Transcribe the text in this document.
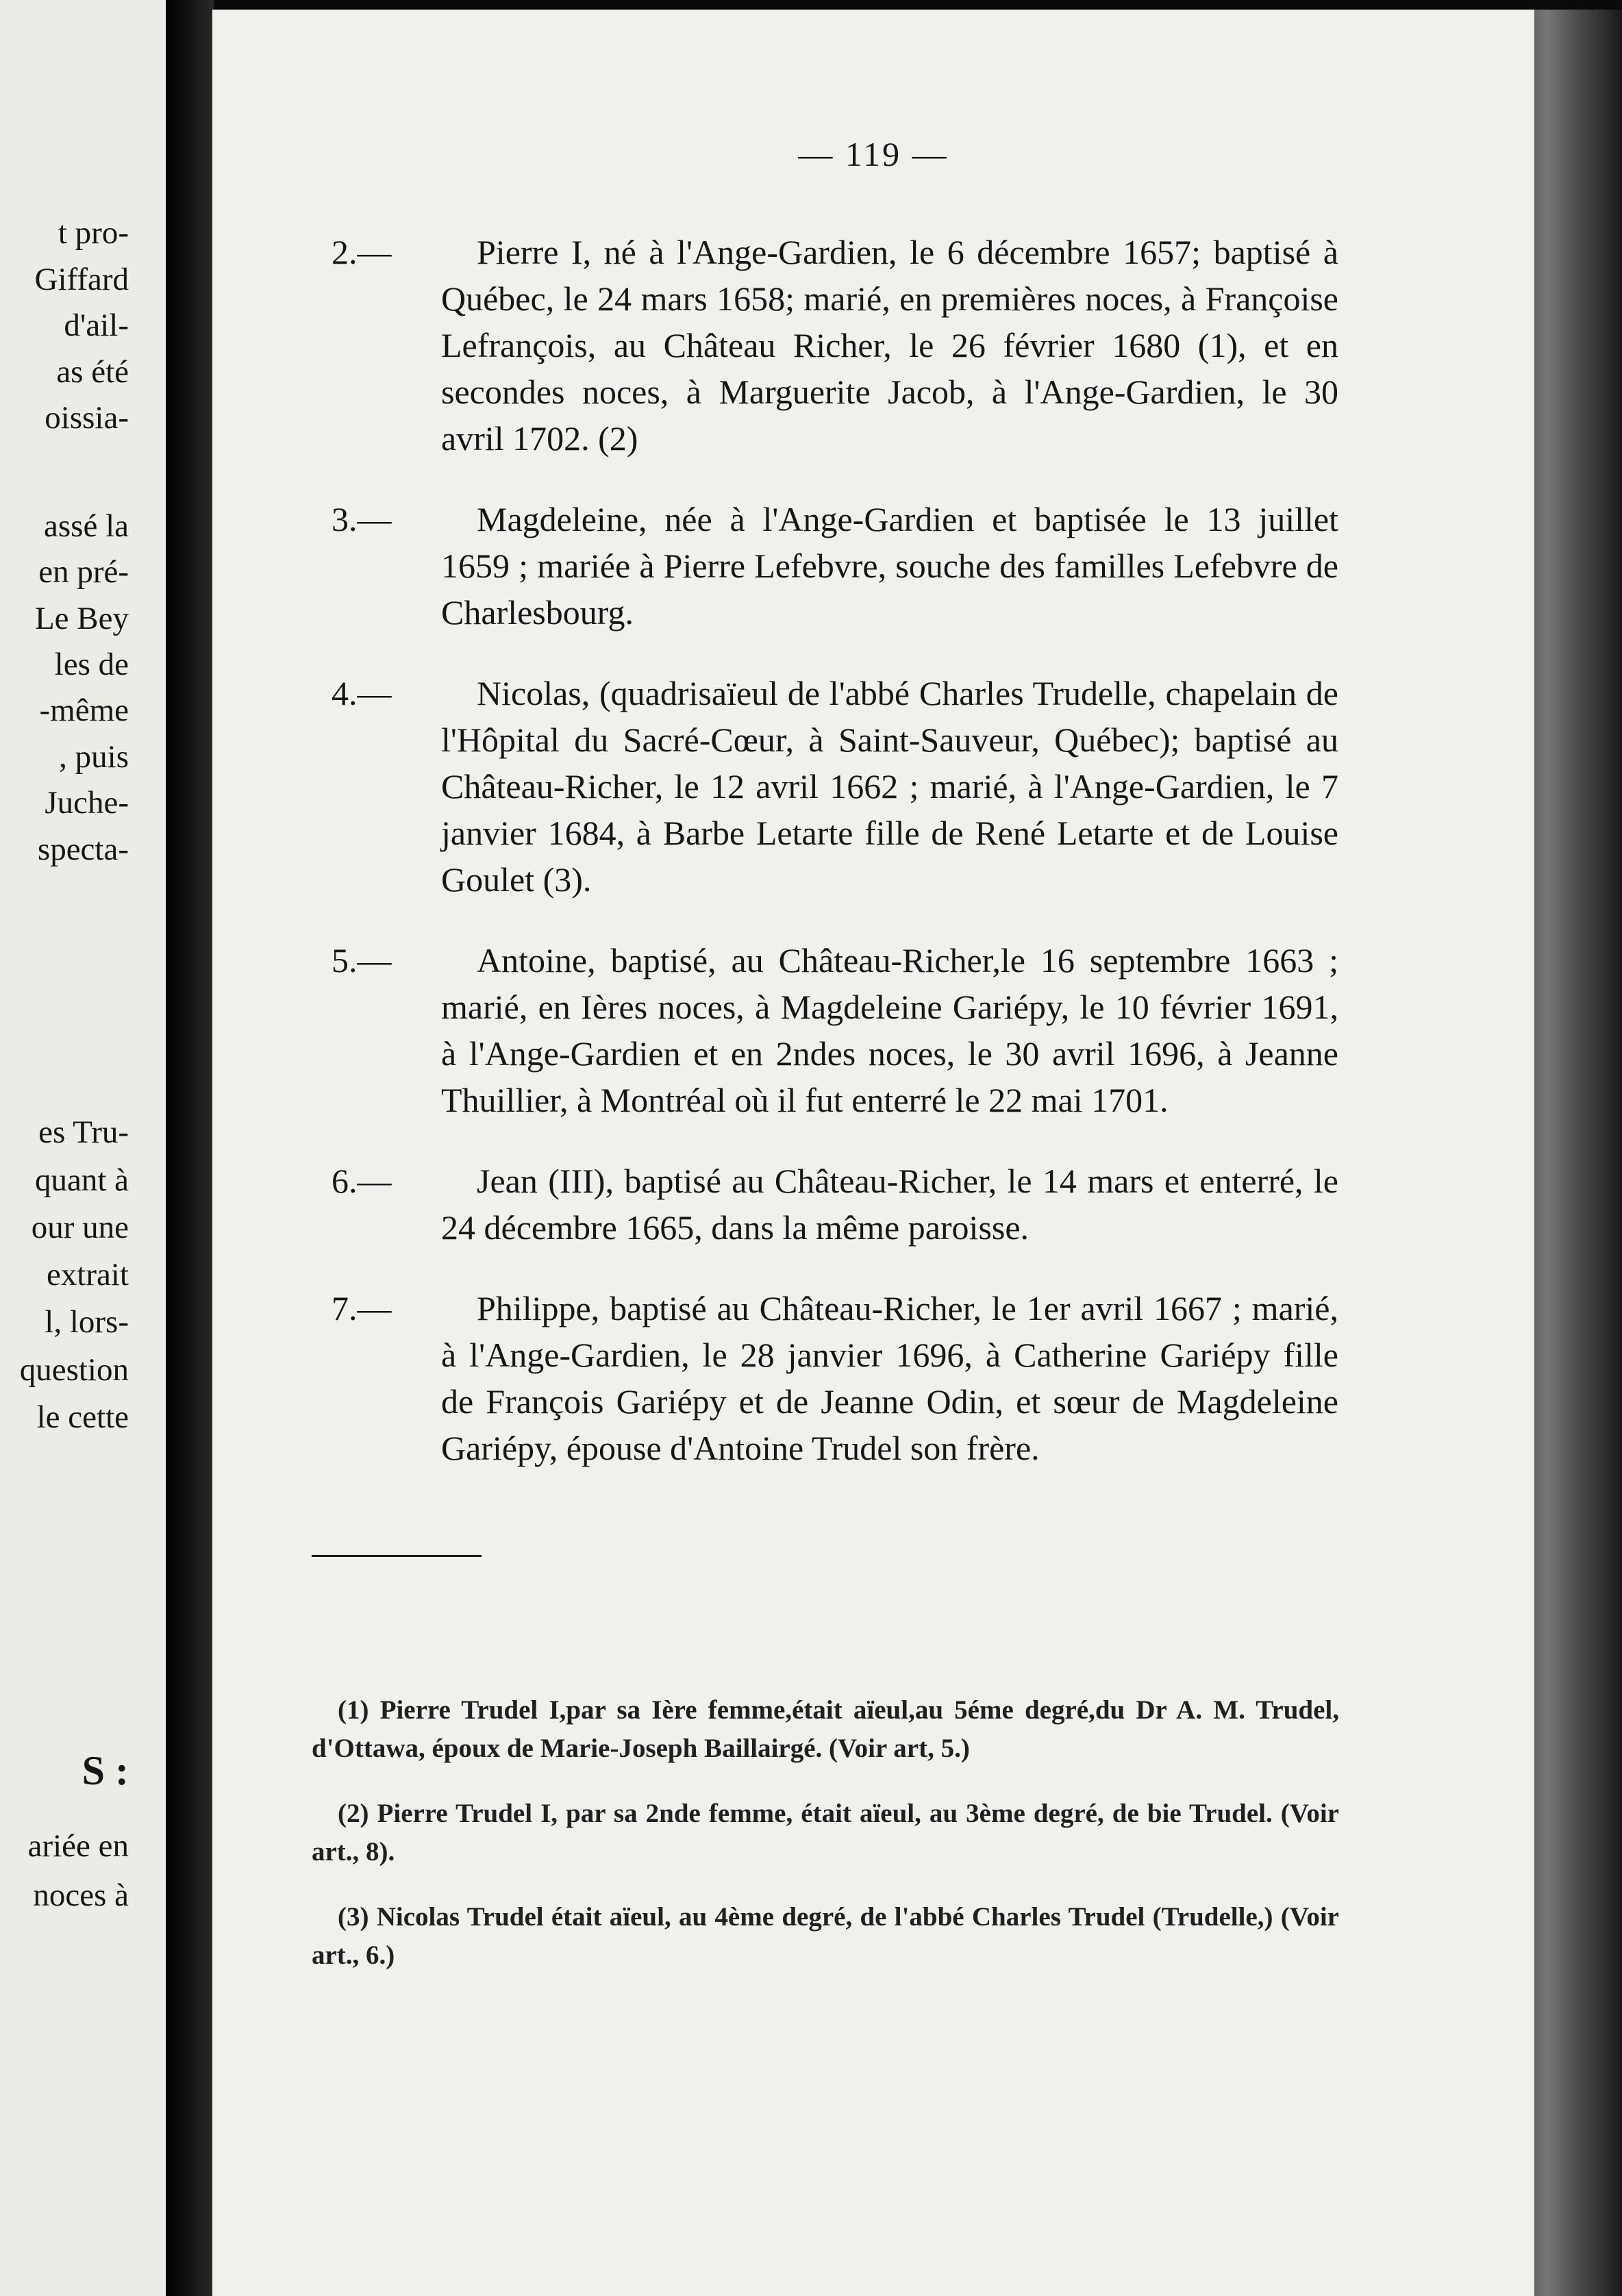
t pro-
Giffard
d'ail-
as été
oissia-
assé la
en pré-
Le Bey
les de
-même
, puis
Juche-
specta-
es Tru-
quant à
our une
extrait
l, lors-
question
le cette
S :
ariée en
noces à
— 119 —

2.— Pierre I, né à l'Ange-Gardien, le 6 décembre 1657; baptisé à Québec, le 24 mars 1658; marié, en premières noces, à Françoise Lefrançois, au Château Richer, le 26 février 1680 (1), et en secondes noces, à Marguerite Jacob, à l'Ange-Gardien, le 30 avril 1702. (2)

3.— Magdeleine, née à l'Ange-Gardien et baptisée le 13 juillet 1659 ; mariée à Pierre Lefebvre, souche des familles Lefebvre de Charlesbourg.

4.— Nicolas, (quadrisaïeul de l'abbé Charles Trudelle, chapelain de l'Hôpital du Sacré-Cœur, à Saint-Sauveur, Québec); baptisé au Château-Richer, le 12 avril 1662 ; marié, à l'Ange-Gardien, le 7 janvier 1684, à Barbe Letarte fille de René Letarte et de Louise Goulet (3).

5.— Antoine, baptisé, au Château-Richer,le 16 septembre 1663 ; marié, en Ières noces, à Magdeleine Gariépy, le 10 février 1691, à l'Ange-Gardien et en 2ndes noces, le 30 avril 1696, à Jeanne Thuillier, à Montréal où il fut enterré le 22 mai 1701.

6.— Jean (III), baptisé au Château-Richer, le 14 mars et enterré, le 24 décembre 1665, dans la même paroisse.

7.— Philippe, baptisé au Château-Richer, le 1er avril 1667 ; marié, à l'Ange-Gardien, le 28 janvier 1696, à Catherine Gariépy fille de François Gariépy et de Jeanne Odin, et sœur de Magdeleine Gariépy, épouse d'Antoine Trudel son frère.

(1) Pierre Trudel I,par sa Ière femme,était aïeul,au 5éme degré,du Dr A. M. Trudel, d'Ottawa, époux de Marie-Joseph Baillairgé. (Voir art, 5.)

(2) Pierre Trudel I, par sa 2nde femme, était aïeul, au 3ème degré, de bie Trudel. (Voir art., 8).

(3) Nicolas Trudel était aïeul, au 4ème degré, de l'abbé Charles Trudel (Trudelle,) (Voir art., 6.)
